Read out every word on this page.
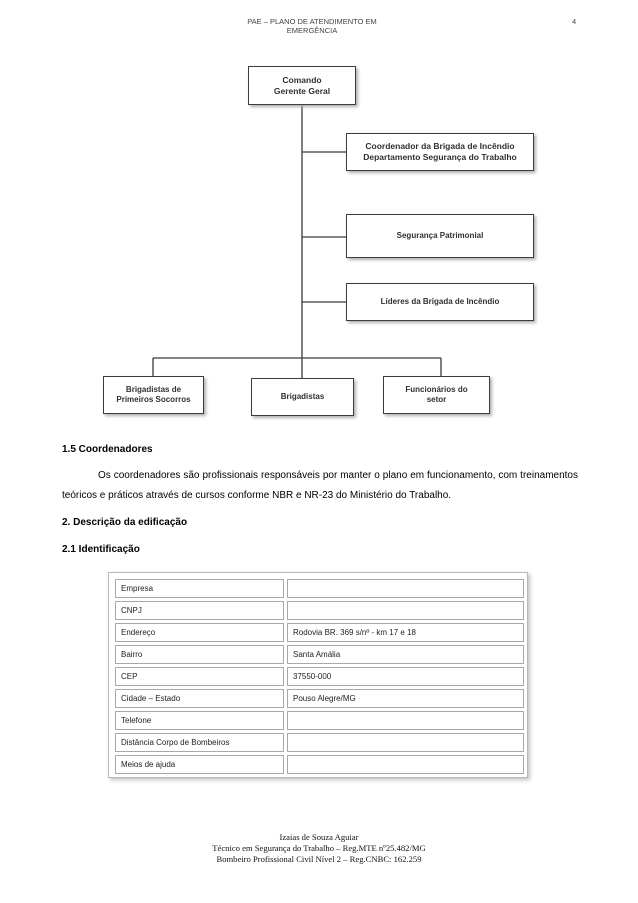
PAE – PLANO DE ATENDIMENTO EM EMERGÊNCIA
4
Comando
Gerente Geral
Coordenador da Brigada de Incêndio
Departamento Segurança do Trabalho
Segurança Patrimonial
Líderes da Brigada de Incêndio
Brigadistas de
Primeiros Socorros	Brigadistas
Funcionários do
setor
1.5 Coordenadores
Os coordenadores são profissionais responsáveis por manter o plano em funcionamento, com treinamentos teóricos e práticos através de cursos conforme NBR e NR-23 do Ministério do Trabalho.
2. Descrição da edificação
2.1 Identificação
Empresa
CNPJ
Endereço	Rodovia BR. 369 s/nº - km 17 e 18
Bairro	Santa Amália
CEP	37550-000
Cidade – Estado	Pouso Alegre/MG
Telefone
Distância Corpo de Bombeiros
Meios de ajuda
Izaias de Souza Aguiar
Técnico em Segurança do Trabalho – Reg.MTE nº25.482/MG
Bombeiro Profissional Civil Nível 2 – Reg.CNBC: 162.259
